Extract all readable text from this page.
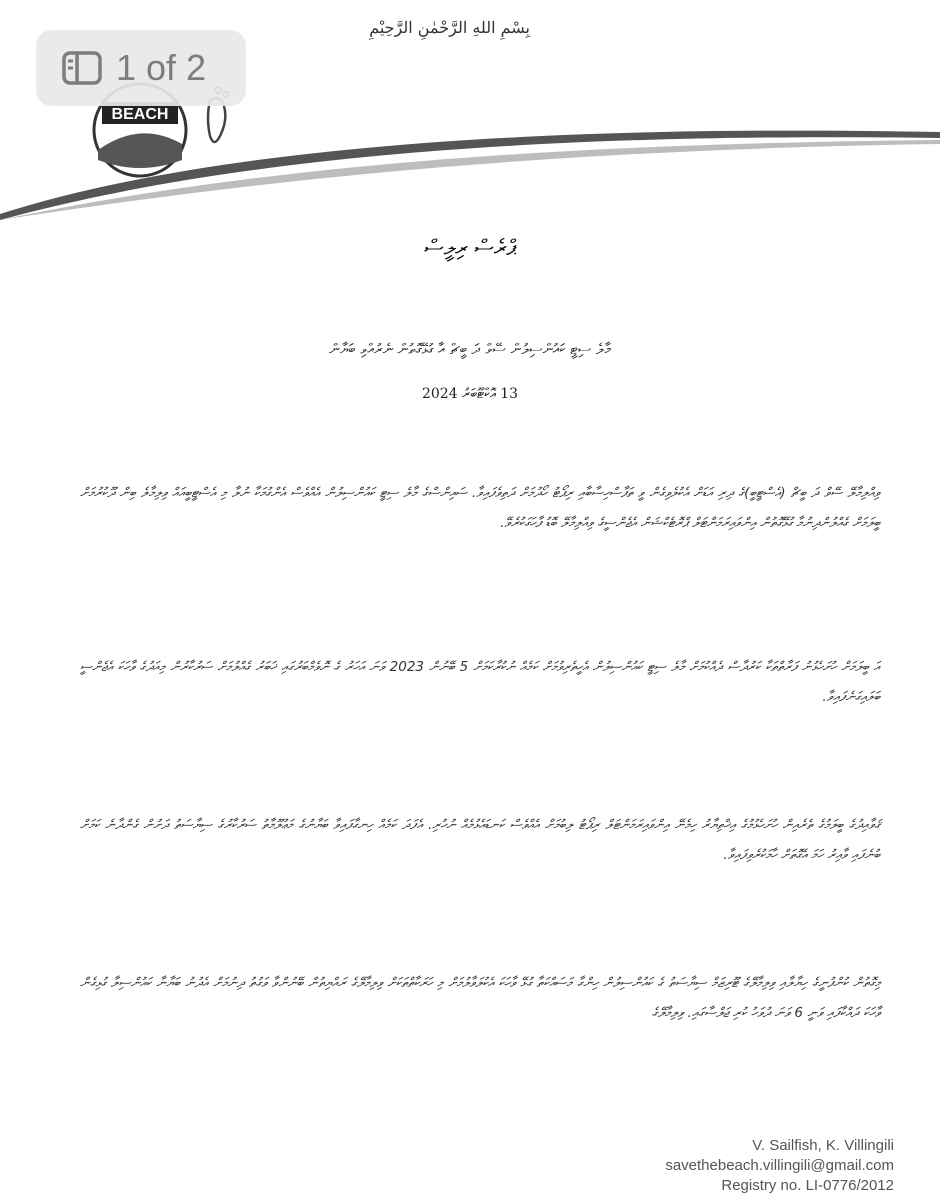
بِسْمِ اللهِ الرَّحْمٰنِ الرَّحِيْمِ
BEACH
ޕްރެސް ރިލީސް
މާލެ ސިޓީ ކައުންސިލުން ސޭވް ދަ ބީޗް އާ ގުޅޭގޮތުން ނެރުއްވި ބަޔާން
13 އޮކްޓޫބަރު 2024
ވިއްލިމާލޭ ސޭވް ދަ ބީޗް (އެސްޓީބީ)ގެ ދިރި އަޑަށް އެކުލެވިގެން ވީ ތަފާސްހިސާބާއި ރިޕޯޓު ހޯދުމަށް ދަތިވެފައިވާ. ސައިންސްގެ މާލެ ސިޓީ ކައުންސިލުން އެއްވެސް އެންގުމަކާ ނުލާ މި އެސްޓީބީއައް ވިލިމާލެ ބިން ދޫކުރުމަށް ބީލަމަށް ގެއްލުންދިނުމާ ގުޅޭގޮތުން އިންވައިރަމަންޓަލް ޕްރޮޓެކްޝަން އެޖެންސީގެ ވިއްލިމާލޭ ބޮޑު ފާހަގަކުރެވޭ.
އަ ބީލަމަށް ހުށަހެޅުނު ފަރާތްތަކާ ކަރުދާސް ދެއްކުމަށް މާލެ ސިޓީ ކައުންސިލުން އެހީތެރިވުމަށް ކަމެއް ނުކުރާކަމަށް 5 ބޭނުން 2023 ވަނަ އަހަރު ގެ ނޮވެމްބަރުގައި ޚަބަރު ގެއްލުމަށް ސަރުކާރުން މިއަދުގެ ވާހަކަ އެޖެންސީ ބަލައިގަނެފައިވާ.
ޤަވާއިދުގެ ބީލަމުގެ ތެރެއިން ހުށަހެޅުމުގެ އިޚްތިޔާރު ހިމެނޭ އިންވައިރަމަންޓަލް ރިޕޯޓު ލިބުމަށް އެއްވެސް ކަނޑައެޅުމެއް ނުހުރި. އެފަދަ ކަމެއް ހިނގާފައިވާ ބަޔާނުގެ މަޢުލޫމާތު ސަރުކާރުގެ ސިޔާސަތު ދަށުން ގެންދާނެ ކަމަށް ބުނެފައި ވާއިރު ހަމަ އެގޮތަށް ހާމަކުރެވިފައިވާ.
މިގޮތުން ކުންފުނީގެ ހިޔާލާއި ވިލިމާލޭގެ ޓޫރިޒަމް ސިޔާސަތު ގެ ކައުންސިލުން ހިންގާ މަސައްކަތާ ގުޅޭ ވާހަކަ އެކުލަވާލުމަށް މި ހަރަކާތްތަކަށް ވިލިމާލޭގެ ރައްޔިތުން ބޭނުންވާ ވަގުތު ދިނުމަށް އެދުނު ބަޔާނާ ކައުންސިލާ ގުޅިގެން ވާހަކަ ދައްކާފައި ވަނީ 6 ވަނަ ދުވަހު ކުރި ޖަލްސާގައި. ވިލިމާލޭގެ
V. Sailfish, K. Villingili
savethebeach.villingili@gmail.com
Registry no. LI-0776/2012
1 of 2
